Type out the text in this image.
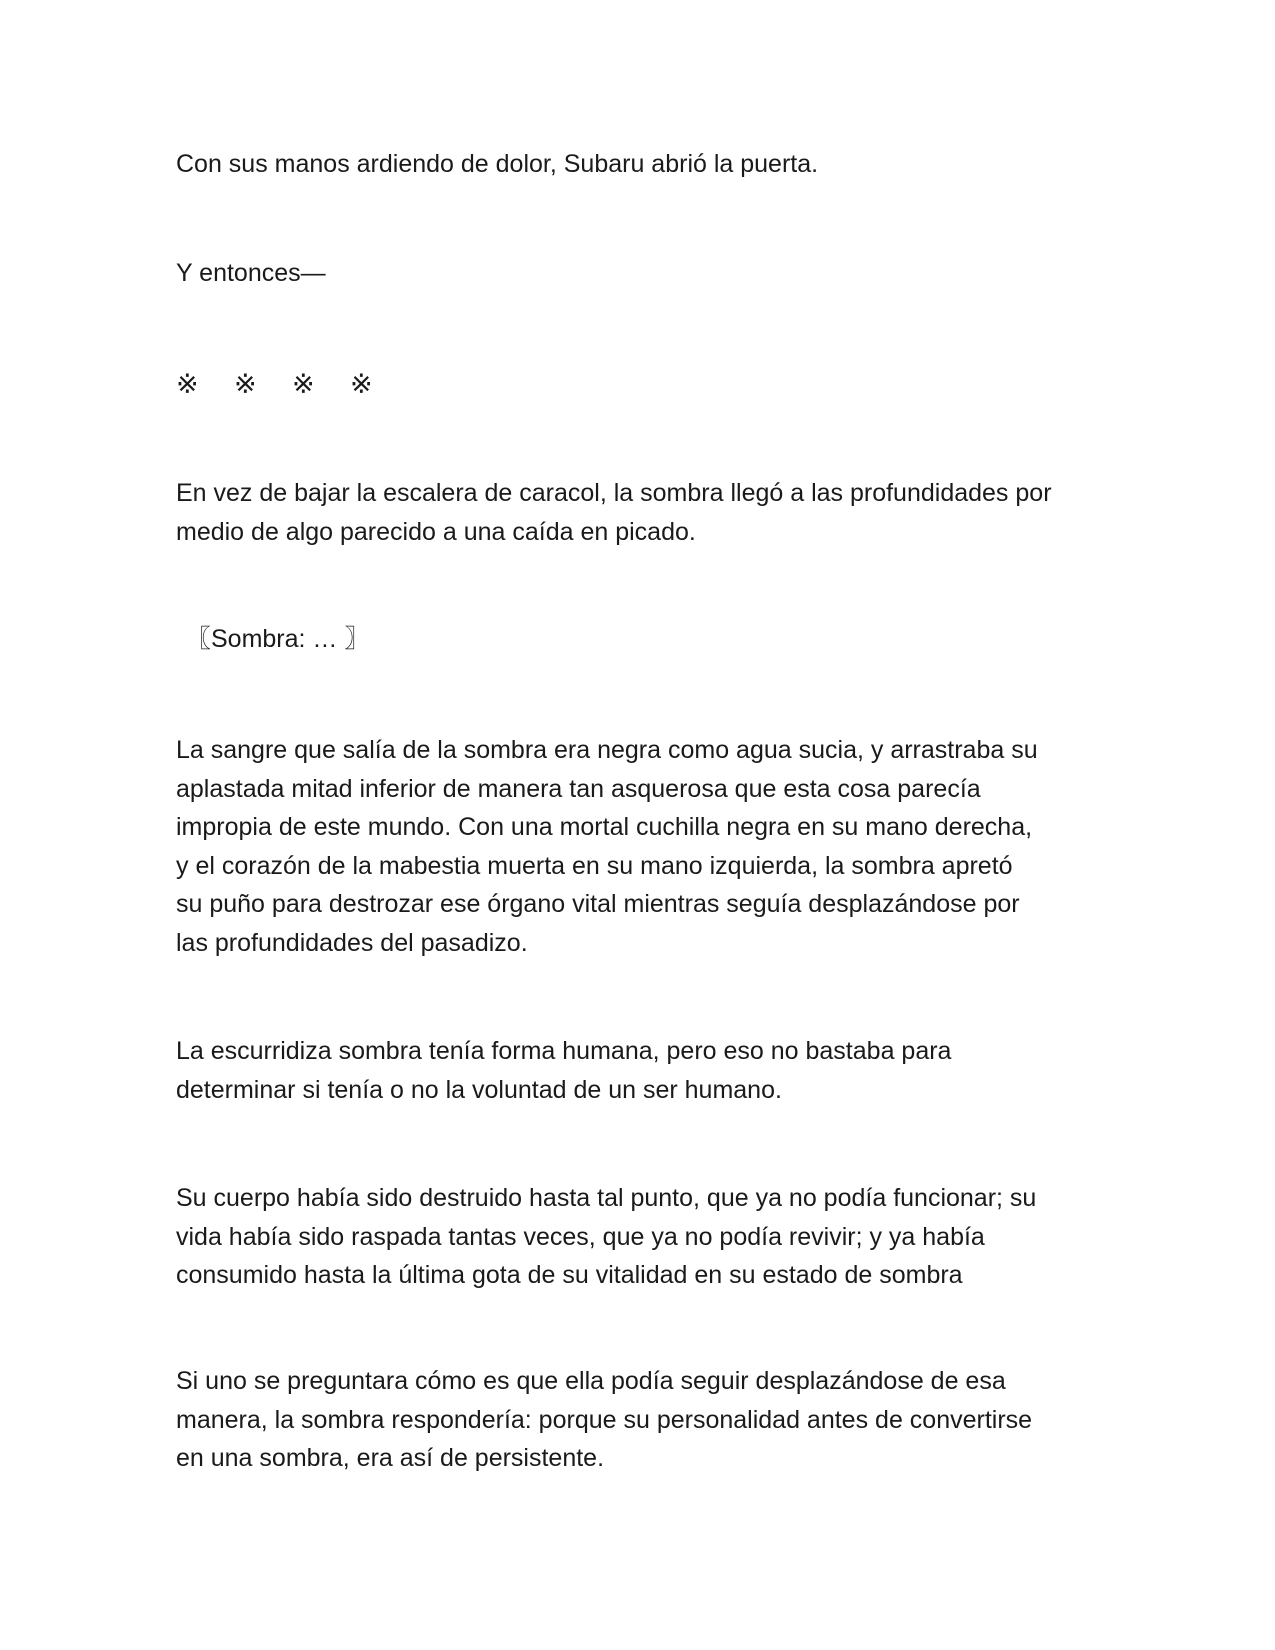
Con sus manos ardiendo de dolor, Subaru abrió la puerta.

Y entonces—

※ ※ ※ ※

En vez de bajar la escalera de caracol, la sombra llegó a las profundidades por
medio de algo parecido a una caída en picado.

〖Sombra: … 〗

La sangre que salía de la sombra era negra como agua sucia, y arrastraba su
aplastada mitad inferior de manera tan asquerosa que esta cosa parecía
impropia de este mundo. Con una mortal cuchilla negra en su mano derecha,
y el corazón de la mabestia muerta en su mano izquierda, la sombra apretó
su puño para destrozar ese órgano vital mientras seguía desplazándose por
las profundidades del pasadizo.

La escurridiza sombra tenía forma humana, pero eso no bastaba para
determinar si tenía o no la voluntad de un ser humano.

Su cuerpo había sido destruido hasta tal punto, que ya no podía funcionar; su
vida había sido raspada tantas veces, que ya no podía revivir; y ya había
consumido hasta la última gota de su vitalidad en su estado de sombra

Si uno se preguntara cómo es que ella podía seguir desplazándose de esa
manera, la sombra respondería: porque su personalidad antes de convertirse
en una sombra, era así de persistente.
